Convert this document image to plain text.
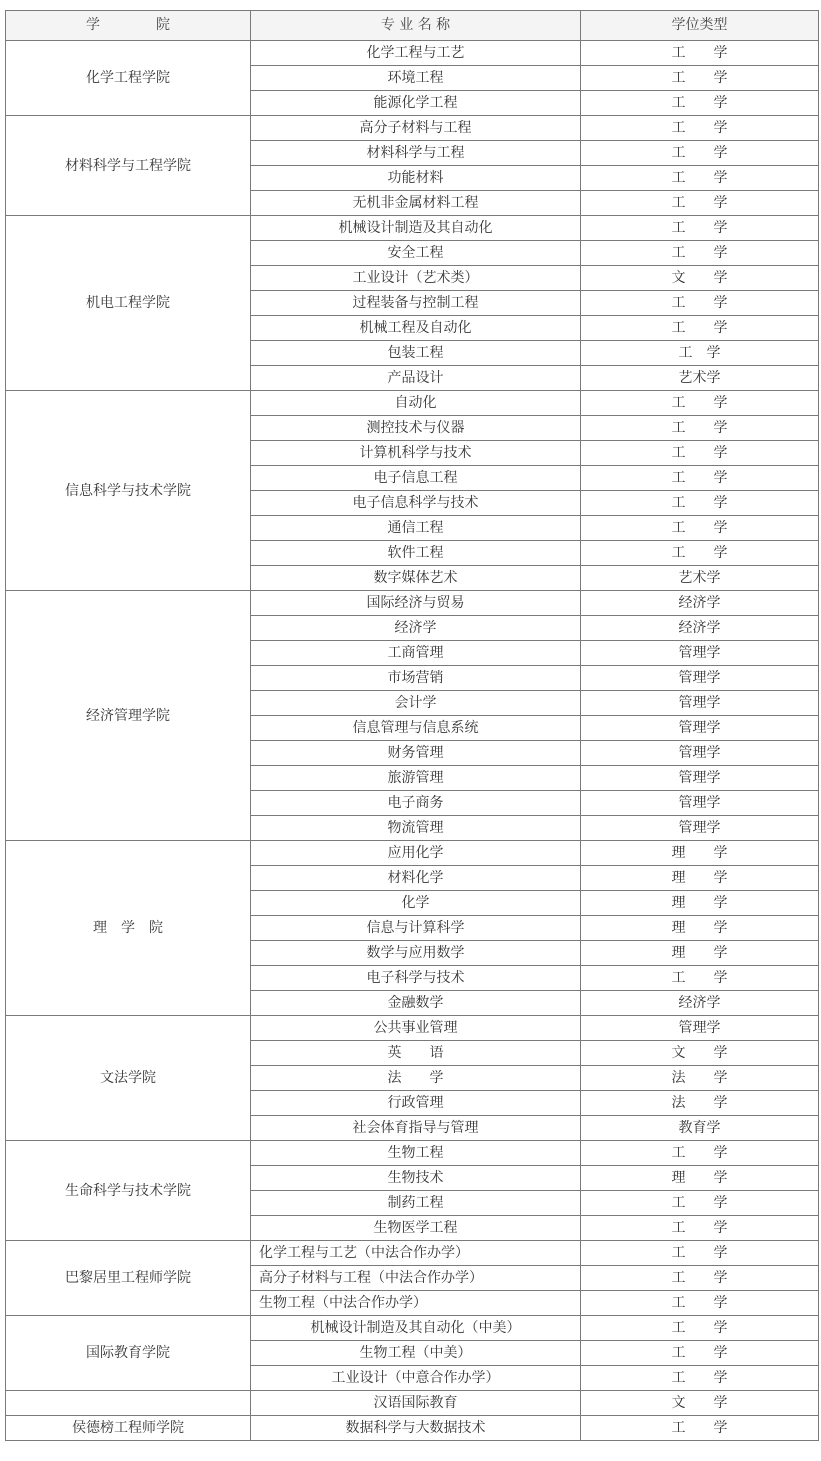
学　　　　院	专 业 名 称	学位类型
化学工程学院	化学工程与工艺	工　　学
	环境工程	工　　学
	能源化学工程	工　　学
材料科学与工程学院	高分子材料与工程	工　　学
	材料科学与工程	工　　学
	功能材料	工　　学
	无机非金属材料工程	工　　学
机电工程学院	机械设计制造及其自动化	工　　学
	安全工程	工　　学
	工业设计（艺术类）	文　　学
	过程装备与控制工程	工　　学
	机械工程及自动化	工　　学
	包装工程	工　学
	产品设计	艺术学
信息科学与技术学院	自动化	工　　学
	测控技术与仪器	工　　学
	计算机科学与技术	工　　学
	电子信息工程	工　　学
	电子信息科学与技术	工　　学
	通信工程	工　　学
	软件工程	工　　学
	数字媒体艺术	艺术学
经济管理学院	国际经济与贸易	经济学
	经济学	经济学
	工商管理	管理学
	市场营销	管理学
	会计学	管理学
	信息管理与信息系统	管理学
	财务管理	管理学
	旅游管理	管理学
	电子商务	管理学
	物流管理	管理学
理　学　院	应用化学	理　　学
	材料化学	理　　学
	化学	理　　学
	信息与计算科学	理　　学
	数学与应用数学	理　　学
	电子科学与技术	工　　学
	金融数学	经济学
文法学院	公共事业管理	管理学
	英　　语	文　　学
	法　　学	法　　学
	行政管理	法　　学
	社会体育指导与管理	教育学
生命科学与技术学院	生物工程	工　　学
	生物技术	理　　学
	制药工程	工　　学
	生物医学工程	工　　学
巴黎居里工程师学院	化学工程与工艺（中法合作办学）	工　　学
	高分子材料与工程（中法合作办学）	工　　学
	生物工程（中法合作办学）	工　　学
国际教育学院	机械设计制造及其自动化（中美）	工　　学
	生物工程（中美）	工　　学
	工业设计（中意合作办学）	工　　学
	汉语国际教育	文　　学
侯德榜工程师学院	数据科学与大数据技术	工　　学
